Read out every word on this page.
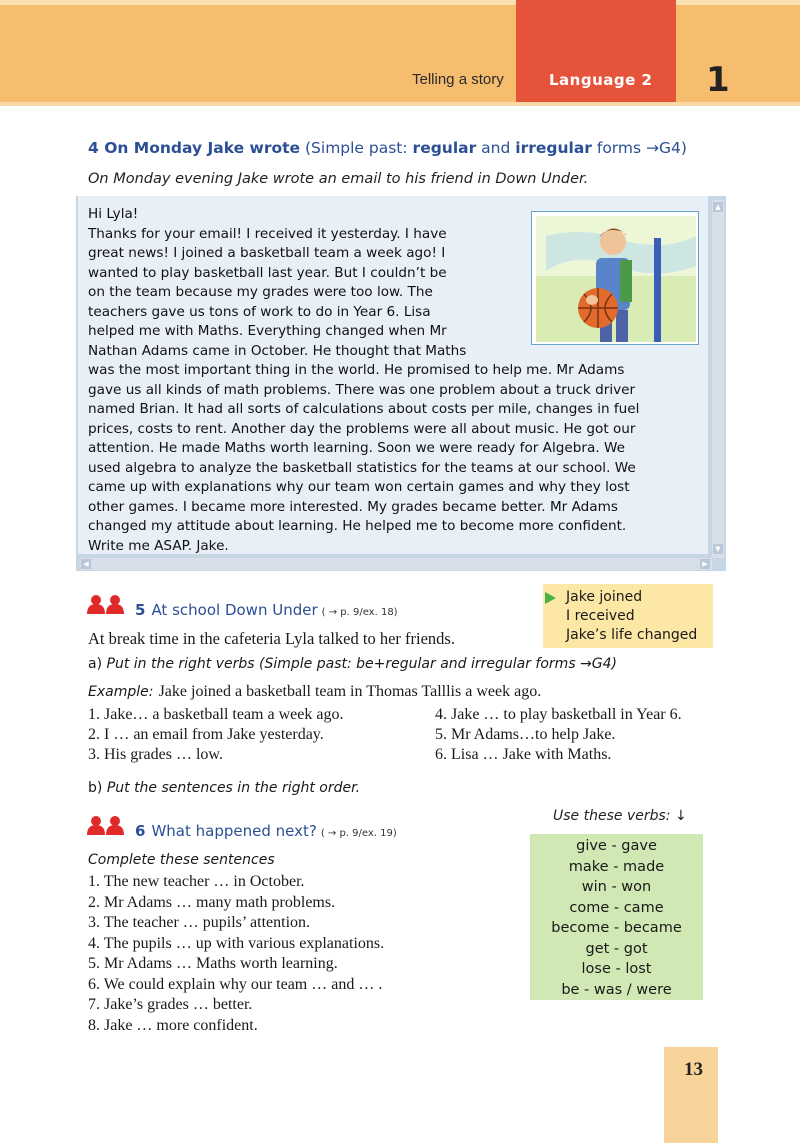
Telling a story	Language 2 1
4 On Monday Jake wrote (Simple past: regular and irregular forms →G4)
On Monday evening Jake wrote an email to his friend in Down Under.
▲
▼
◀	▶
Hi Lyla!
Thanks for your email! I received it yesterday. I have
great news! I joined a basketball team a week ago! I
wanted to play basketball last year. But I couldn’t be
on the team because my grades were too low. The
teachers gave us tons of work to do in Year 6. Lisa
helped me with Maths. Everything changed when Mr
Nathan Adams came in October. He thought that Maths
was the most important thing in the world. He promised to help me. Mr Adams
gave us all kinds of math problems. There was one problem about a truck driver
named Brian. It had all sorts of calculations about costs per mile, changes in fuel
prices, costs to rent. Another day the problems were all about music. He got our
attention. He made Maths worth learning. Soon we were ready for Algebra. We
used algebra to analyze the basketball statistics for the teams at our school. We
came up with explanations why our team won certain games and why they lost
other games. I became more interested. My grades became better. Mr Adams
changed my attitude about learning. He helped me to become more confident.
Write me ASAP. Jake.
5 At school Down Under ( → p. 9/ex. 18)
Jake joined
I received
Jake’s life changed
At break time in the cafeteria Lyla talked to her friends.
a) Put in the right verbs (Simple past: be+regular and irregular forms →G4)
Example: Jake joined a basketball team in Thomas Talllis a week ago.
1. Jake… a basketball team a week ago.
2. I … an email from Jake yesterday.
3. His grades … low.
4. Jake … to play basketball in Year 6.
5. Mr Adams…to help Jake.
6. Lisa … Jake with Maths.
b) Put the sentences in the right order.
6 What happened next? ( → p. 9/ex. 19)
Complete these sentences
1. The new teacher … in October.
2. Mr Adams … many math problems.
3. The teacher … pupils’ attention.
4. The pupils … up with various explanations.
5. Mr Adams … Maths worth learning.
6. We could explain why our team … and … .
7. Jake’s grades … better.
8. Jake … more confident.
Use these verbs: ↓
give - gave
make - made
win - won
come - came
become - became
get - got
lose - lost
be - was / were
13
